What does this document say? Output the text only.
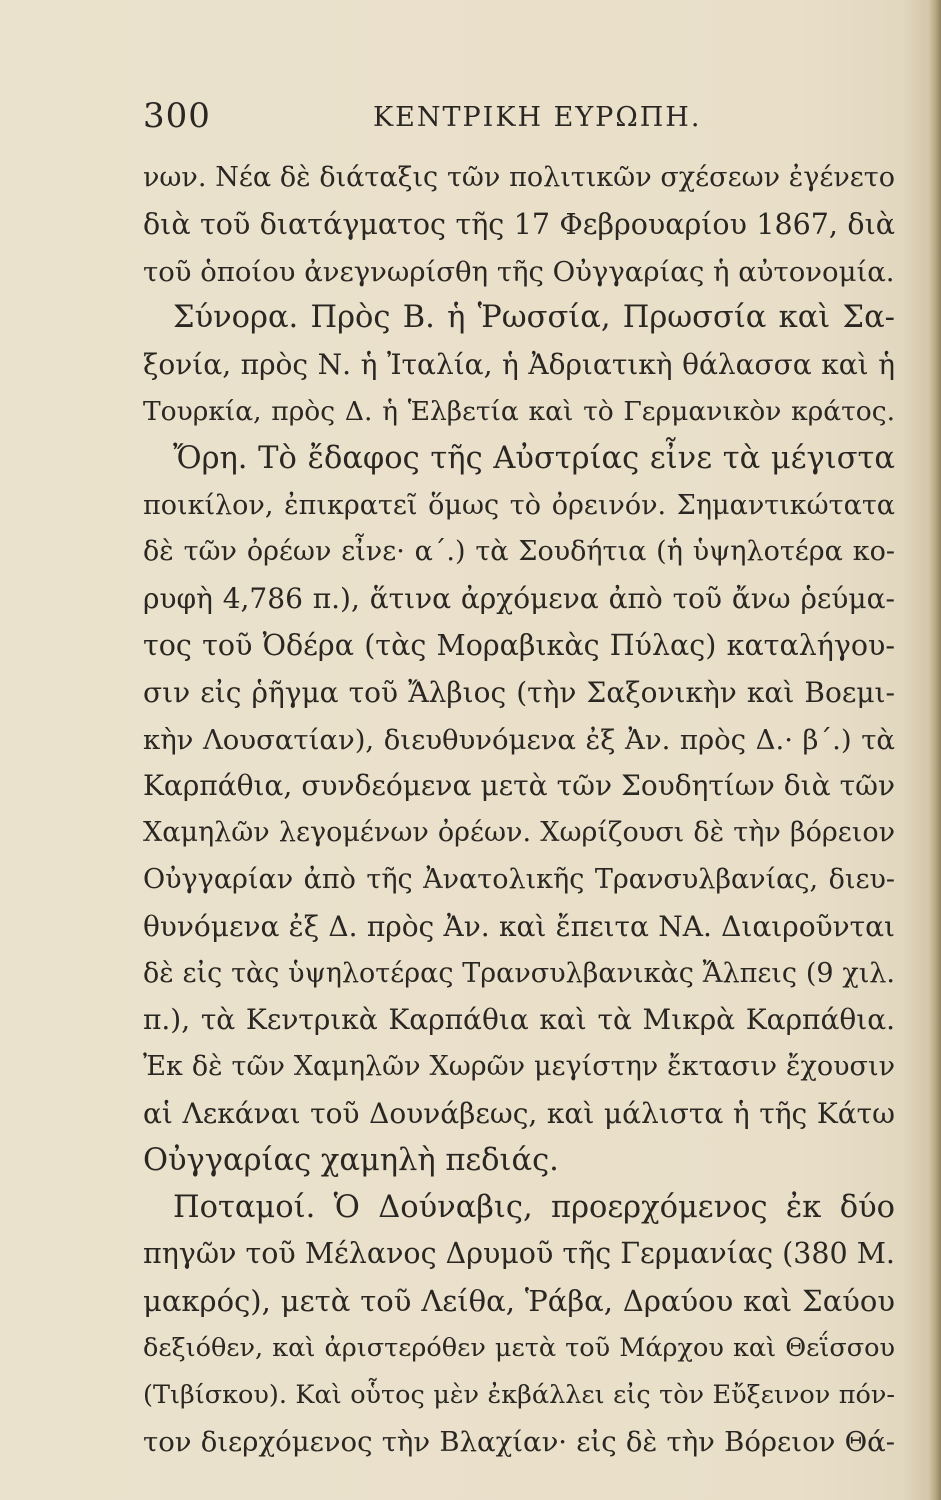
300	ΚΕΝΤΡΙΚΗ ΕΥΡΩΠΗ.
νων. Νέα δὲ διάταξις τῶν πολιτικῶν σχέσεων ἐγένετο
διὰ τοῦ διατάγματος τῆς 17 Φεβρουαρίου 1867, διὰ
τοῦ ὁποίου ἀνεγνωρίσθη τῆς Οὐγγαρίας ἡ αὐτονομία.
Σύνορα. Πρὸς Β. ἡ Ῥωσσία, Πρωσσία καὶ Σα-
ξονία, πρὸς Ν. ἡ Ἰταλία, ἡ Ἀδριατικὴ θάλασσα καὶ ἡ
Τουρκία, πρὸς Δ. ἡ Ἑλβετία καὶ τὸ Γερμανικὸν κράτος.
Ὄρη. Τὸ ἔδαφος τῆς Αὐστρίας εἶνε τὰ μέγιστα
ποικίλον, ἐπικρατεῖ ὅμως τὸ ὀρεινόν. Σημαντικώτατα
δὲ τῶν ὀρέων εἶνε· α΄.) τὰ Σουδήτια (ἡ ὑψηλοτέρα κο-
ρυφὴ 4,786 π.), ἅτινα ἀρχόμενα ἀπὸ τοῦ ἄνω ῥεύμα-
τος τοῦ Ὀδέρα (τὰς Μοραβικὰς Πύλας) καταλήγου-
σιν εἰς ῥῆγμα τοῦ Ἄλβιος (τὴν Σαξονικὴν καὶ Βοεμι-
κὴν Λουσατίαν), διευθυνόμενα ἐξ Ἀν. πρὸς Δ.· β΄.) τὰ
Καρπάθια, συνδεόμενα μετὰ τῶν Σουδητίων διὰ τῶν
Χαμηλῶν λεγομένων ὀρέων. Χωρίζουσι δὲ τὴν βόρειον
Οὐγγαρίαν ἀπὸ τῆς Ἀνατολικῆς Τρανσυλβανίας, διευ-
θυνόμενα ἐξ Δ. πρὸς Ἀν. καὶ ἔπειτα ΝΑ. Διαιροῦνται
δὲ εἰς τὰς ὑψηλοτέρας Τρανσυλβανικὰς Ἄλπεις (9 χιλ.
π.), τὰ Κεντρικὰ Καρπάθια καὶ τὰ Μικρὰ Καρπάθια.
Ἐκ δὲ τῶν Χαμηλῶν Χωρῶν μεγίστην ἔκτασιν ἔχουσιν
αἱ Λεκάναι τοῦ Δουνάβεως, καὶ μάλιστα ἡ τῆς Κάτω
Οὐγγαρίας χαμηλὴ πεδιάς.
Ποταμοί. Ὁ Δούναβις, προερχόμενος ἐκ δύο
πηγῶν τοῦ Μέλανος Δρυμοῦ τῆς Γερμανίας (380 Μ.
μακρός), μετὰ τοῦ Λείθα, Ῥάβα, Δραύου καὶ Σαύου
δεξιόθεν, καὶ ἀριστερόθεν μετὰ τοῦ Μάρχου καὶ Θεΐσσου
(Τιβίσκου). Καὶ οὗτος μὲν ἐκβάλλει εἰς τὸν Εὔξεινον πόν-
τον διερχόμενος τὴν Βλαχίαν· εἰς δὲ τὴν Βόρειον Θά-
